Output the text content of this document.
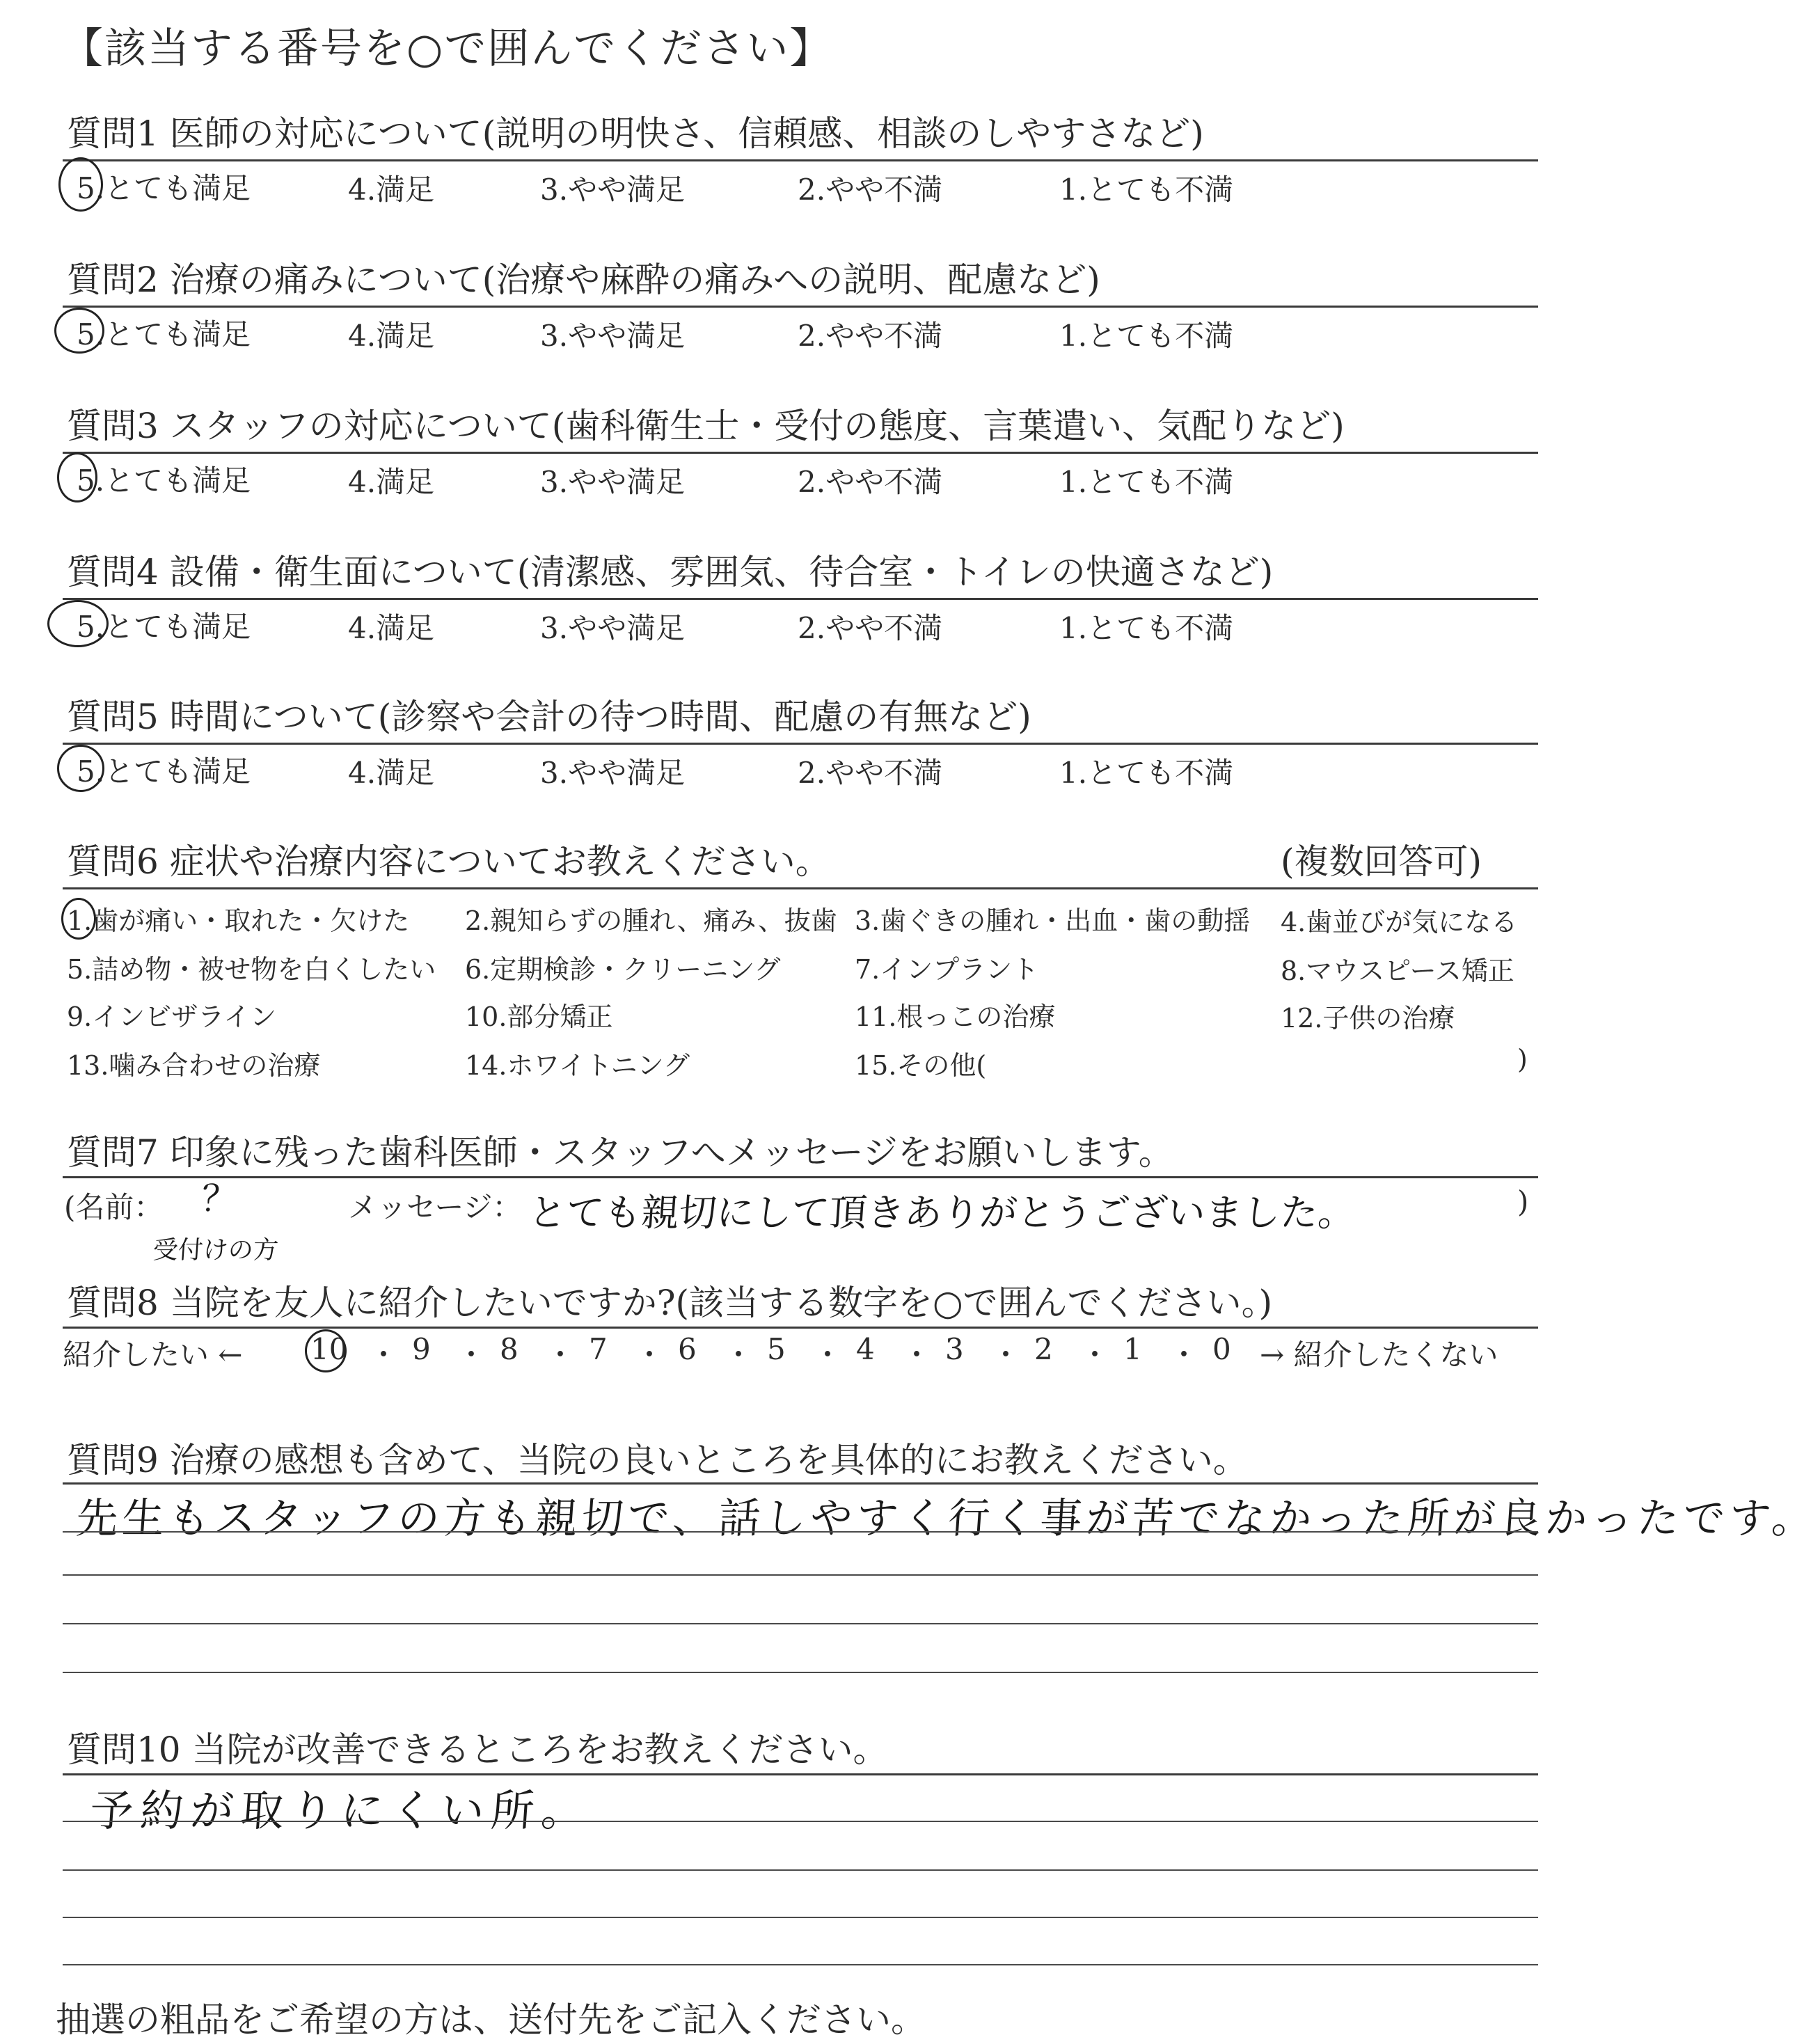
【該当する番号を○で囲んでください】
質問1 医師の対応について(説明の明快さ、信頼感、相談のしやすさなど)
5.とても満足	4.満足	3.やや満足	2.やや不満	1.とても不満
質問2 治療の痛みについて(治療や麻酔の痛みへの説明、配慮など)
5.とても満足	4.満足	3.やや満足	2.やや不満	1.とても不満
質問3 スタッフの対応について(歯科衛生士・受付の態度、言葉遣い、気配りなど)
5.とても満足	4.満足	3.やや満足	2.やや不満	1.とても不満
質問4 設備・衛生面について(清潔感、雰囲気、待合室・トイレの快適さなど)
5.とても満足	4.満足	3.やや満足	2.やや不満	1.とても不満
質問5 時間について(診察や会計の待つ時間、配慮の有無など)
5.とても満足	4.満足	3.やや満足	2.やや不満	1.とても不満
質問6 症状や治療内容についてお教えください。	(複数回答可)
1.歯が痛い・取れた・欠けた 2.親知らずの腫れ、痛み、抜歯 3.歯ぐきの腫れ・出血・歯の動揺 4.歯並びが気になる
5.詰め物・被せ物を白くしたい 6.定期検診・クリーニング	7.インプラント	8.マウスピース矯正
9.インビザライン	10.部分矯正	11.根っこの治療	12.子供の治療
13.噛み合わせの治療	14.ホワイトニング	15.その他(	)
質問7 印象に残った歯科医師・スタッフへメッセージをお願いします。
(名前： ？
受付けの方
メッセージ： とても親切にして頂きありがとうございました。	)
質問8 当院を友人に紹介したいですか?(該当する数字を○で囲んでください。)
紹介したい ← 10 9 8 7 6 5 4 3 2 1 0 → 紹介したくない
・ ・ ・ ・ ・ ・ ・ ・ ・ ・
質問9 治療の感想も含めて、当院の良いところを具体的にお教えください。
先生もスタッフの方も親切で、話しやすく行く事が苦でなかった所が良かったです。
質問10 当院が改善できるところをお教えください。
予約が取りにくい所。
抽選の粗品をご希望の方は、送付先をご記入ください。
